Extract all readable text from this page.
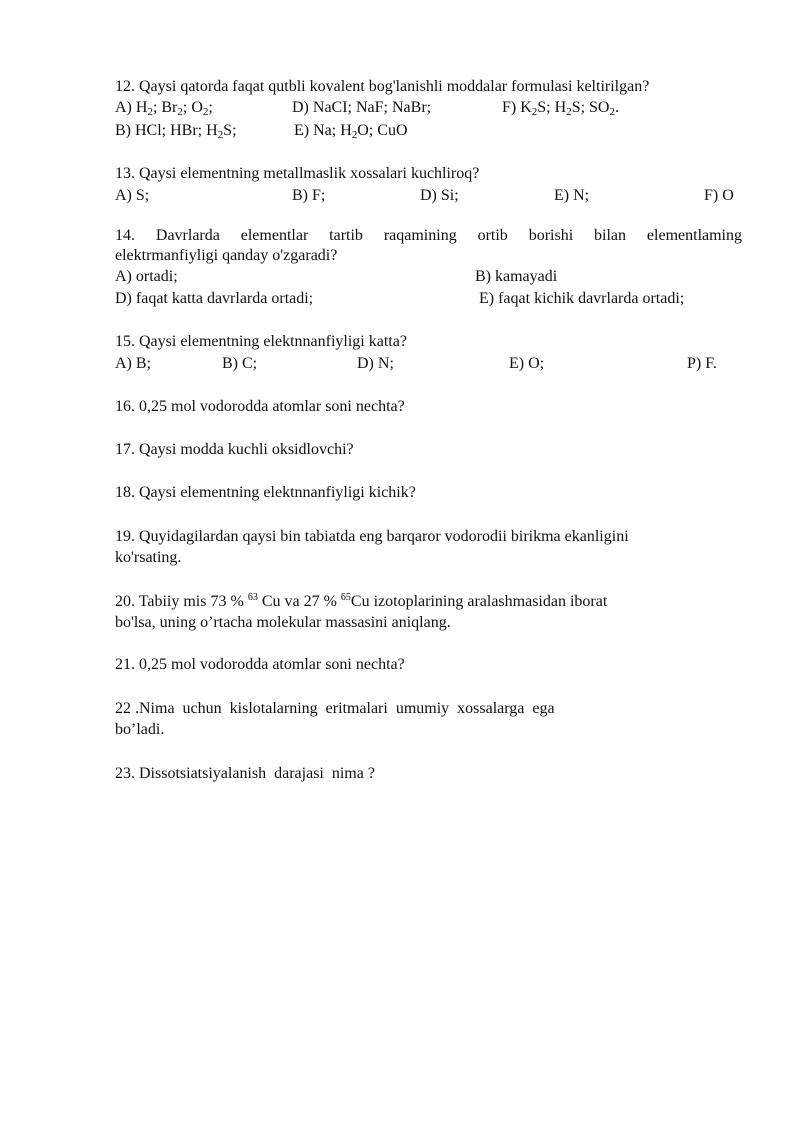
12. Qaysi qatorda faqat qutbli kovalent bog'lanishli moddalar formulasi keltirilgan?
A) $H_2$; $Br_2$; $O_2$;	D) NaCI; NaF; NaBr;	F) $K_2S$; $H_2S$; $SO_2$.
B) HCl; HBr; $H_2S$;	E) Na; $H_2O$; CuO
13. Qaysi elementning metallmaslik xossalari kuchliroq?
A) S;	B) F;	D) Si;	E) N;	F) O
14. Davrlarda elementlar tartib raqamining ortib borishi bilan elementlaming
elektrmanfiyligi qanday o'zgaradi?
A) ortadi;	B) kamayadi
D) faqat katta davrlarda ortadi;	E) faqat kichik davrlarda ortadi;
15. Qaysi elementning elektnnanfiyligi katta?
A) B;	B) C;	D) N;	E) O;	P) F.
16. 0,25 mol vodorodda atomlar soni nechta?
17. Qaysi modda kuchli oksidlovchi?
18. Qaysi elementning elektnnanfiyligi kichik?
19. Quyidagilardan qaysi bin tabiatda eng barqaror vodorodii birikma ekanligini
ko'rsating.
20. Tabiiy mis 73 % $^{63}$ Cu va 27 % $^{65}$Cu izotoplarining aralashmasidan iborat
bo'lsa, uning o’rtacha molekular massasini aniqlang.
21. 0,25 mol vodorodda atomlar soni nechta?
22 .Nima  uchun  kislotalarning  eritmalari  umumiy  xossalarga  ega
bo’ladi.
23. Dissotsiatsiyalanish  darajasi  nima ?
